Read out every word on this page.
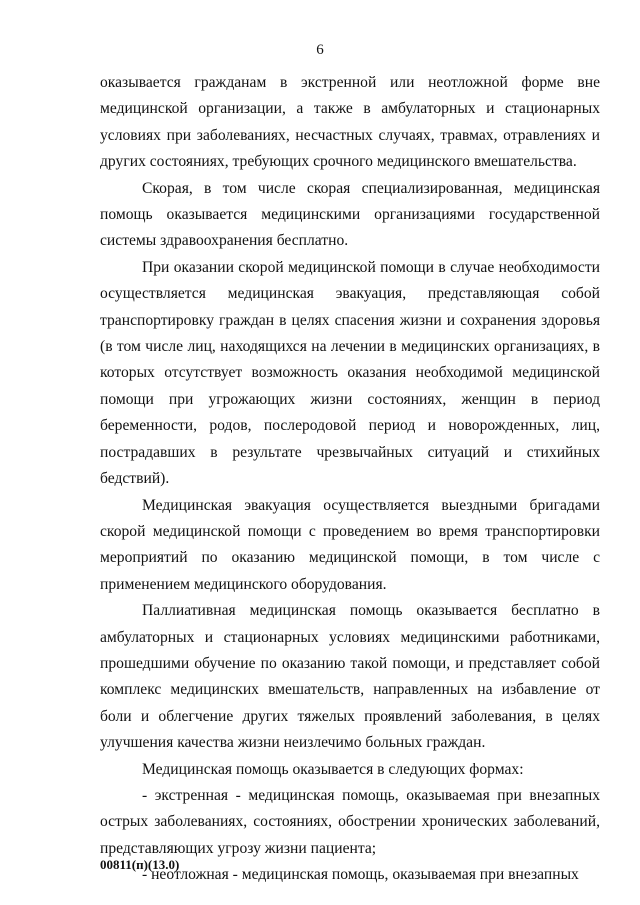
6

оказывается гражданам в экстренной или неотложной форме вне медицинской организации, а также в амбулаторных и стационарных условиях при заболеваниях, несчастных случаях, травмах, отравлениях и других состояниях, требующих срочного медицинского вмешательства.

Скорая, в том числе скорая специализированная, медицинская помощь оказывается медицинскими организациями государственной системы здравоохранения бесплатно.

При оказании скорой медицинской помощи в случае необходимости осуществляется медицинская эвакуация, представляющая собой транспортировку граждан в целях спасения жизни и сохранения здоровья (в том числе лиц, находящихся на лечении в медицинских организациях, в которых отсутствует возможность оказания необходимой медицинской помощи при угрожающих жизни состояниях, женщин в период беременности, родов, послеродовой период и новорожденных, лиц, пострадавших в результате чрезвычайных ситуаций и стихийных бедствий).

Медицинская эвакуация осуществляется выездными бригадами скорой медицинской помощи с проведением во время транспортировки мероприятий по оказанию медицинской помощи, в том числе с применением медицинского оборудования.

Паллиативная медицинская помощь оказывается бесплатно в амбулаторных и стационарных условиях медицинскими работниками, прошедшими обучение по оказанию такой помощи, и представляет собой комплекс медицинских вмешательств, направленных на избавление от боли и облегчение других тяжелых проявлений заболевания, в целях улучшения качества жизни неизлечимо больных граждан.

Медицинская помощь оказывается в следующих формах:

- экстренная - медицинская помощь, оказываемая при внезапных острых заболеваниях, состояниях, обострении хронических заболеваний, представляющих угрозу жизни пациента;

- неотложная - медицинская помощь, оказываемая при внезапных

00811(п)(13.0)
